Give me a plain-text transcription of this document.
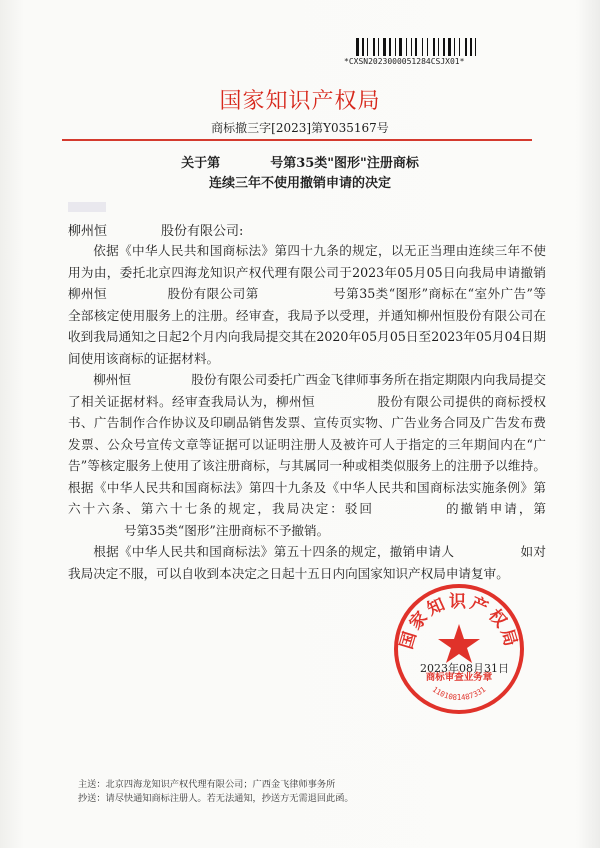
*CXSN2023000051284CSJX01*
国家知识产权局
商标撤三字[2023]第Y035167号
关于第	号第35类"图形"注册商标
连续三年不使用撤销申请的决定
柳州恒	股份有限公司:

依据《中华人民共和国商标法》第四十九条的规定，以无正当理由连续三年不使用为由，委托北京四海龙知识产权代理有限公司于2023年05月05日向我局申请撤销柳州恒	股份有限公司第	号第35类“图形”商标在“室外广告”等全部核定使用服务上的注册。经审查，我局予以受理，并通知柳州恒股份有限公司在收到我局通知之日起2个月内向我局提交其在2020年05月05日至2023年05月04日期间使用该商标的证据材料。

柳州恒	股份有限公司委托广西金飞律师事务所在指定期限内向我局提交了相关证据材料。经审查我局认为，柳州恒	股份有限公司提供的商标授权书、广告制作合作协议及印刷品销售发票、宣传页实物、广告业务合同及广告发布费发票、公众号宣传文章等证据可以证明注册人及被许可人于指定的三年期间内在“广告”等核定服务上使用了该注册商标，与其属同一种或相类似服务上的注册予以维持。根据《中华人民共和国商标法》第四十九条及《中华人民共和国商标法实施条例》第六十六条、第六十七条的规定，我局决定：驳回	的撤销申请，第号第35类“图形”注册商标不予撤销。

根据《中华人民共和国商标法》第五十四条的规定，撤销申请人	如对我局决定不服，可以自收到本决定之日起十五日内向国家知识产权局申请复审。

国家知识产权局
商标审查业务章
1101081487331
2023年08月31日
主送：北京四海龙知识产权代理有限公司；广西金飞律师事务所
抄送：请尽快通知商标注册人。若无法通知，抄送方无需退回此函。
